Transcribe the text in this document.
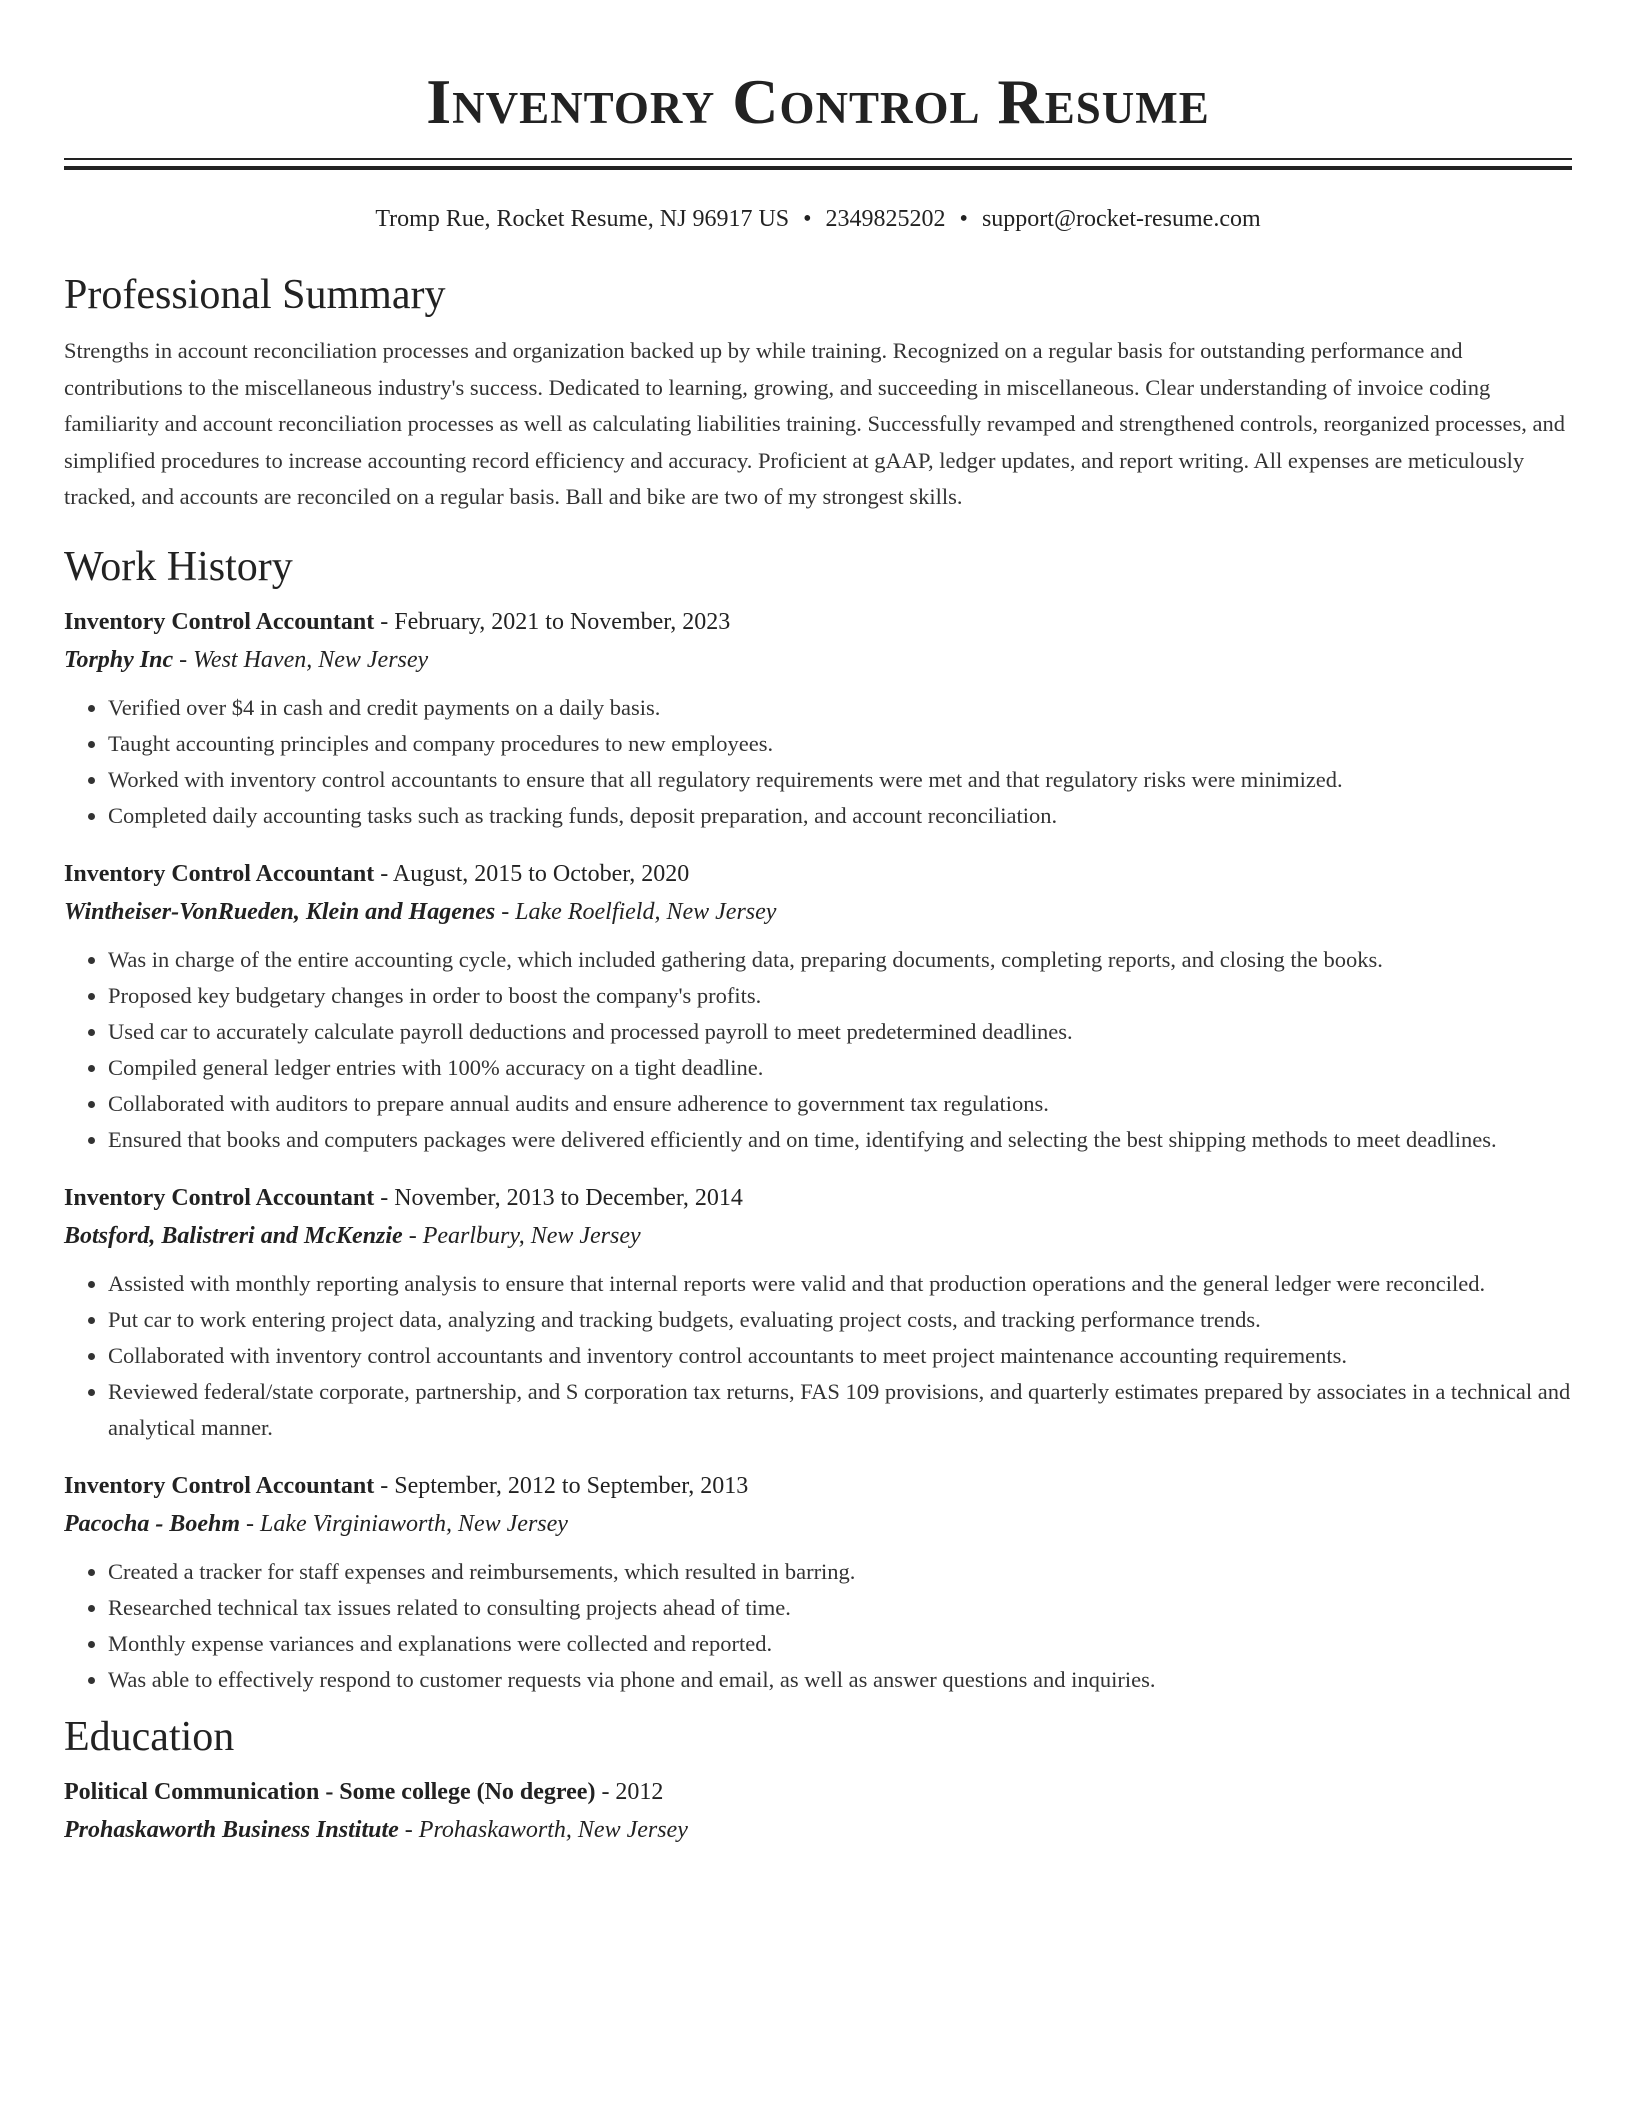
Inventory Control Resume
Tromp Rue, Rocket Resume, NJ 96917 US • 2349825202 • support@rocket-resume.com
Professional Summary
Strengths in account reconciliation processes and organization backed up by while training. Recognized on a regular basis for outstanding performance and contributions to the miscellaneous industry's success. Dedicated to learning, growing, and succeeding in miscellaneous. Clear understanding of invoice coding familiarity and account reconciliation processes as well as calculating liabilities training. Successfully revamped and strengthened controls, reorganized processes, and simplified procedures to increase accounting record efficiency and accuracy. Proficient at gAAP, ledger updates, and report writing. All expenses are meticulously tracked, and accounts are reconciled on a regular basis. Ball and bike are two of my strongest skills.
Work History
Inventory Control Accountant - February, 2021 to November, 2023
Torphy Inc - West Haven, New Jersey
• Verified over $4 in cash and credit payments on a daily basis.
• Taught accounting principles and company procedures to new employees.
• Worked with inventory control accountants to ensure that all regulatory requirements were met and that regulatory risks were minimized.
• Completed daily accounting tasks such as tracking funds, deposit preparation, and account reconciliation.
Inventory Control Accountant - August, 2015 to October, 2020
Wintheiser-VonRueden, Klein and Hagenes - Lake Roelfield, New Jersey
• Was in charge of the entire accounting cycle, which included gathering data, preparing documents, completing reports, and closing the books.
• Proposed key budgetary changes in order to boost the company's profits.
• Used car to accurately calculate payroll deductions and processed payroll to meet predetermined deadlines.
• Compiled general ledger entries with 100% accuracy on a tight deadline.
• Collaborated with auditors to prepare annual audits and ensure adherence to government tax regulations.
• Ensured that books and computers packages were delivered efficiently and on time, identifying and selecting the best shipping methods to meet deadlines.
Inventory Control Accountant - November, 2013 to December, 2014
Botsford, Balistreri and McKenzie - Pearlbury, New Jersey
• Assisted with monthly reporting analysis to ensure that internal reports were valid and that production operations and the general ledger were reconciled.
• Put car to work entering project data, analyzing and tracking budgets, evaluating project costs, and tracking performance trends.
• Collaborated with inventory control accountants and inventory control accountants to meet project maintenance accounting requirements.
• Reviewed federal/state corporate, partnership, and S corporation tax returns, FAS 109 provisions, and quarterly estimates prepared by associates in a technical and analytical manner.
Inventory Control Accountant - September, 2012 to September, 2013
Pacocha - Boehm - Lake Virginiaworth, New Jersey
• Created a tracker for staff expenses and reimbursements, which resulted in barring.
• Researched technical tax issues related to consulting projects ahead of time.
• Monthly expense variances and explanations were collected and reported.
• Was able to effectively respond to customer requests via phone and email, as well as answer questions and inquiries.
Education
Political Communication - Some college (No degree) - 2012
Prohaskaworth Business Institute - Prohaskaworth, New Jersey
